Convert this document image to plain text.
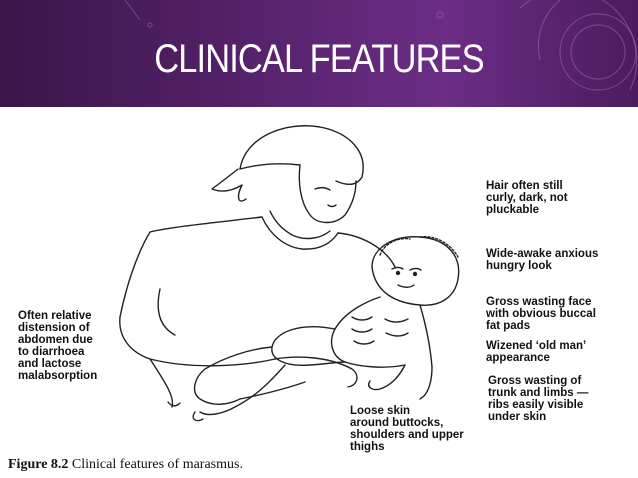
CLINICAL FEATURES
Hair often still
curly, dark, not
pluckable
Wide-awake anxious
hungry look
Gross wasting face
with obvious buccal
fat pads
Wizened ‘old man’
appearance
Gross wasting of
trunk and limbs —
ribs easily visible
under skin
Often relative
distension of
abdomen due
to diarrhoea
and lactose
malabsorption
Loose skin
around buttocks,
shoulders and upper
thighs
Figure 8.2 Clinical features of marasmus.
